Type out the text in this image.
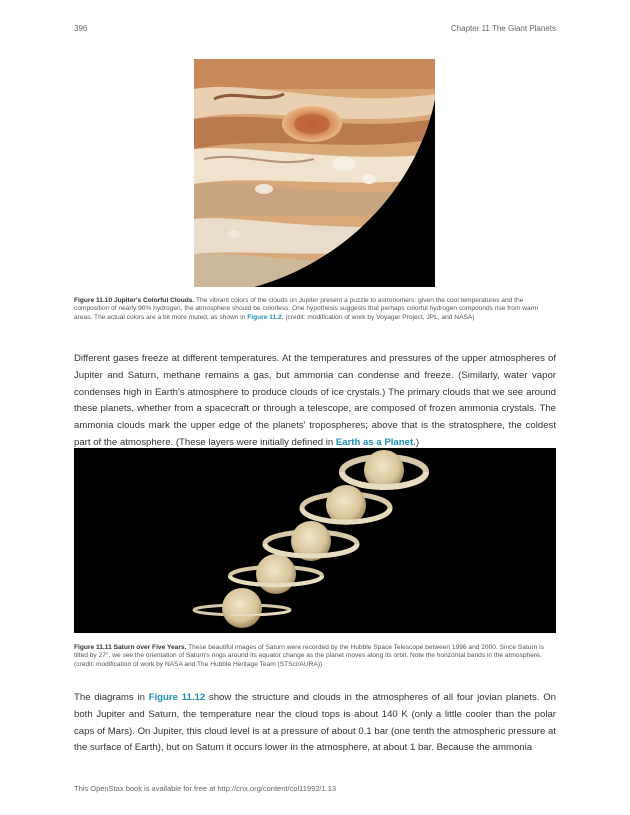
396	Chapter 11 The Giant Planets
Figure 11.10 Jupiter's Colorful Clouds. The vibrant colors of the clouds on Jupiter present a puzzle to astronomers: given the cool temperatures and the composition of nearly 90% hydrogen, the atmosphere should be colorless. One hypothesis suggests that perhaps colorful hydrogen compounds rise from warm areas. The actual colors are a bit more muted, as shown in Figure 11.2. (credit: modification of work by Voyager Project, JPL, and NASA)
Different gases freeze at different temperatures. At the temperatures and pressures of the upper atmospheres of Jupiter and Saturn, methane remains a gas, but ammonia can condense and freeze. (Similarly, water vapor condenses high in Earth's atmosphere to produce clouds of ice crystals.) The primary clouds that we see around these planets, whether from a spacecraft or through a telescope, are composed of frozen ammonia crystals. The ammonia clouds mark the upper edge of the planets' tropospheres; above that is the stratosphere, the coldest part of the atmosphere. (These layers were initially defined in Earth as a Planet.)
Figure 11.11 Saturn over Five Years. These beautiful images of Saturn were recorded by the Hubble Space Telescope between 1996 and 2000. Since Saturn is tilted by 27°, we see the orientation of Saturn's rings around its equator change as the planet moves along its orbit. Note the horizontal bands in the atmosphere. (credit: modification of work by NASA and The Hubble Heritage Team (STScI/AURA))
The diagrams in Figure 11.12 show the structure and clouds in the atmospheres of all four jovian planets. On both Jupiter and Saturn, the temperature near the cloud tops is about 140 K (only a little cooler than the polar caps of Mars). On Jupiter, this cloud level is at a pressure of about 0.1 bar (one tenth the atmospheric pressure at the surface of Earth), but on Saturn it occurs lower in the atmosphere, at about 1 bar. Because the ammonia
This OpenStax book is available for free at http://cnx.org/content/col11992/1.13
